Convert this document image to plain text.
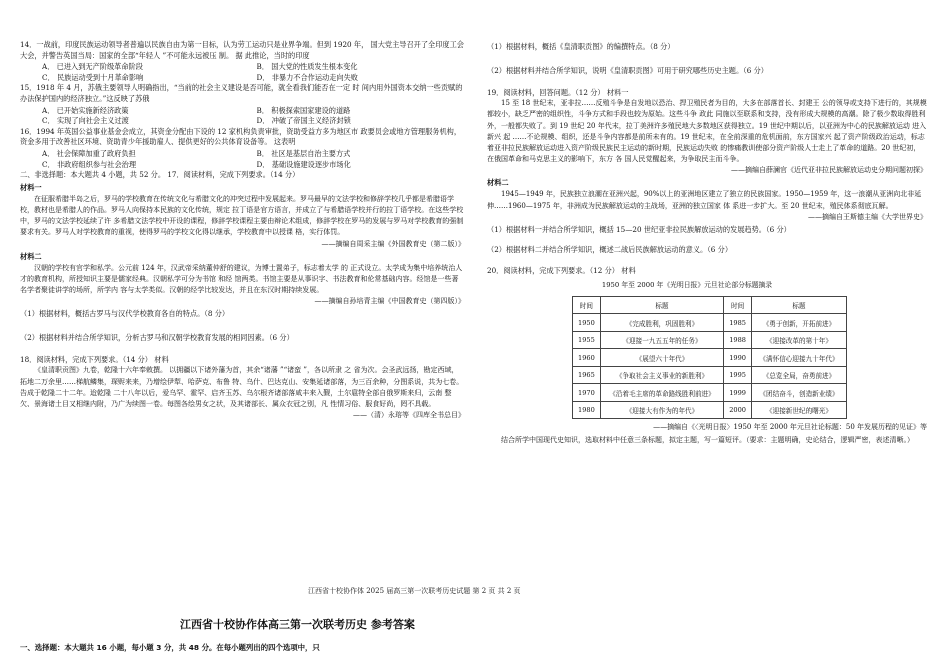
14．一战前，印度民族运动领导者普遍以民族自由为第一目标，认为劳工运动只是业界争端。但到 1920 年， 国大党主导召开了全印度工会大会，并警告英国当局：国家的全部“年轻人 ”不可能永远被压 制。 据 此推论，当时的印度

A． 已进入到无产阶级革命阶段	B． 国大党的性质发生根本变化
C． 民族运动受到十月革命影响	D． 非暴力不合作运动走向失败

15．1918 年 4 月，苏俄主要领导人明确指出，“当前的社会主义建设是否可能，就全看我们能否在一定 时 间内用外国资本交纳一些贡赋的办法保护国内的经济独立。”这反映了苏俄

A． 已开始实施新经济政策	B． 积极探索国家建设的道路
C． 实现了向社会主义过渡	D． 冲破了帝国主义经济封锁

16．1994 年英国公益事业基金会成立，其资金分配由下设的 12 家机构负责审批，资助受益方多为地区市 政要员会或地方管理服务机构，资金多用于改善社区环境、资助青少年援助雇人、提供更好的公共体育设备等。 这表明

A． 社会保障加重了政府负担	B． 社区是基层自治主要方式
C． 非政府组织参与社会治理	D． 基础设施建设逐步市场化

二、非选择题：本大题共 4 小题，共 52 分。 17．阅读材料，完成下列要求。（14 分）

材料一

在征服希腊半岛之后，罗马的学校教育在传统文化与希腊文化的冲突过程中发展起来。罗马最早的文法学校和修辞学校几乎都是希腊语学校，教材也是希腊人的作品。罗马人向保持本民族的文化传统，规定 拉丁语是官方语言，并成立了与希腊语学校并行的拉丁语学校。在这些学校中，罗马的文法学校延续了许 多希腊文法学校中开设的课程，修辞学校课程主要由辩论术组成，修辞学校在罗马的发展与罗马对学校教育的强制要求有关。罗马人对学校教育的重视，使得罗马的学校文化得以继承，学校教育中以授课 格，实行体罚。

——摘编自周采主编《外国教育史（第二版）》

材料二

汉朝的学校有官学和私学。公元前 124 年，汉武帝采纳董仲舒的建议，为博士置弟子，标志着太学 的 正式设立。太学成为集中培养统治人才的教育机构，所授知识主要是儒家经典。汉朝私学可分为书馆 和经 馆两类。书馆主要是从事识字、书法教育和伦常基础内容。经馆是一些著名学者聚徒讲学的场所，所学内 容与太学类似。汉朝的经学比较发达，并且在东汉时期持续发展。

——摘编自孙培青主编《中国教育史（第四版）》

（1）根据材料，概括古罗马与汉代学校教育各自的特点。（8 分）

（2）根据材料并结合所学知识，分析古罗马和汉朝学校教育发展的相同因素。（6 分）

18．阅读材料，完成下列要求。（14 分） 材料

《皇清职贡图》九卷，乾隆十六年奉敕撰。 以拥疆以下诸外藩为首，其余“诸藩 ”“诸蛮 ”，各以所隶 之 省为次。会圣武远扬，勘定西域，拓地二万余里……梯航鳞集，琛赆来来，乃增绘伊犁、哈萨克、布鲁 特、乌什、巴达克山、安集延诸部落，为三百余种，分图系说，共为七卷。告成于乾隆二十二年。迨乾隆 二十八年以后，爱乌罕、霍罕、启齐玉苏、乌尔根齐诸部落咸丰来入觐，土尔扈特全部自俄罗斯来归，云南 整欠、景海诸土目又相继内附，乃广为续图一卷。每图各绘男女之状，及其诸部长、属众衣冠之别，凡 性情习俗、服食好尚，罔不具载。

——（清）永瑢等《四库全书总目》

（1）根据材料，概括《皇清职贡图》的编撰特点。（8 分）

（2）根据材料并结合所学知识，说明《皇清职贡图》可用于研究哪些历史主题。（6 分）

19．阅读材料，回答问题。（12 分） 材料一

15 至 18 世纪末，亚非拉……反殖斗争是自发地以恐治、捍卫殖民者为目的，大多在部落首长、封建王 公的领导或支持下进行的，其规模都较小，缺乏严密的组织性，斗争方式和手段也较为原始。这些斗争 政此 同施以至联系和支持，没有形成大规模的高潮。除了极少数取得胜利外，一般都失败了。到 19 世纪 20 年代末，拉丁美洲许多殖民地大多数地区获得独立。19 世纪中期以后，以亚洲为中心的民族解放运动 进入新兴 起 ……不论规模、组织，还是斗争内容都是前所未有的。19 世纪末，在全前深重的危机面前，东方国家兴 起了资产阶级政治运动，标志着亚非拉民族解放运动进入资产阶级民族民主运动的新时期，民族运动失败 的惨痛教训使部分资产阶级人士走上了革命的道路。20 世纪初，在俄国革命和马克思主义的影响下，东方 各 国人民觉醒起来，为争取民主而斗争。

——摘编自薛澜官《近代亚非拉民族解放运动史分期问题初探》

材料二

1945—1949 年，民族独立浪潮在亚洲兴起，90%以上的亚洲地区建立了独立的民族国家。1950—1959 年，这一浪潮从亚洲向北非延伸……1960—1975 年，非洲成为民族解放运动的主战场，亚洲的独立国家 体 系进一步扩大。至 20 世纪末，殖民体系彻底瓦解。

——摘编自王斯德主编《大学世界史》

（1）根据材料一并结合所学知识，概括 15—20 世纪亚非拉民族解放运动的发展趋势。（6 分）

（2）根据材料二并结合所学知识，概述二战后民族解放运动的意义。（6 分）

20．阅读材料，完成下列要求。（12 分） 材料

1950 年至 2000 年《光明日报》元旦社论部分标题摘录

时间	标题	时间	标题
1950	《完成胜利，巩固胜利》	1985	《勇于创新，开拓前进》
1955	《迎接一九五五年的任务》	1988	《迎接改革的第十年》
1960	《展望六十年代》	1990	《满怀信心迎接九十年代》
1965	《争取社会主义事业的新胜利》	1995	《总览全局，奋勇前进》
1970	《沿着毛主席的革命路线胜利前进》	1999	《团结奋斗，创造新业绩》
1980	《迎接大有作为的年代》	2000	《迎接新世纪的曙光》

——摘编自《〈光明日报〉1950 年至 2000 年元旦社论标题：50 年发展历程的见证》等

结合所学中国现代史知识，选取材料中任意三条标题，拟定主题，写一篇短评。（要求：主题明确，史论结合，逻辑严密，表述清晰。）

江西省十校协作体 2025 届高三第一次联考历史试题 第 2 页 共 2 页
江西省十校协作体高三第一次联考历史 参考答案
一、选择题：本大题共 16 小题，每小题 3 分，共 48 分。在每小题列出的四个选项中，只
